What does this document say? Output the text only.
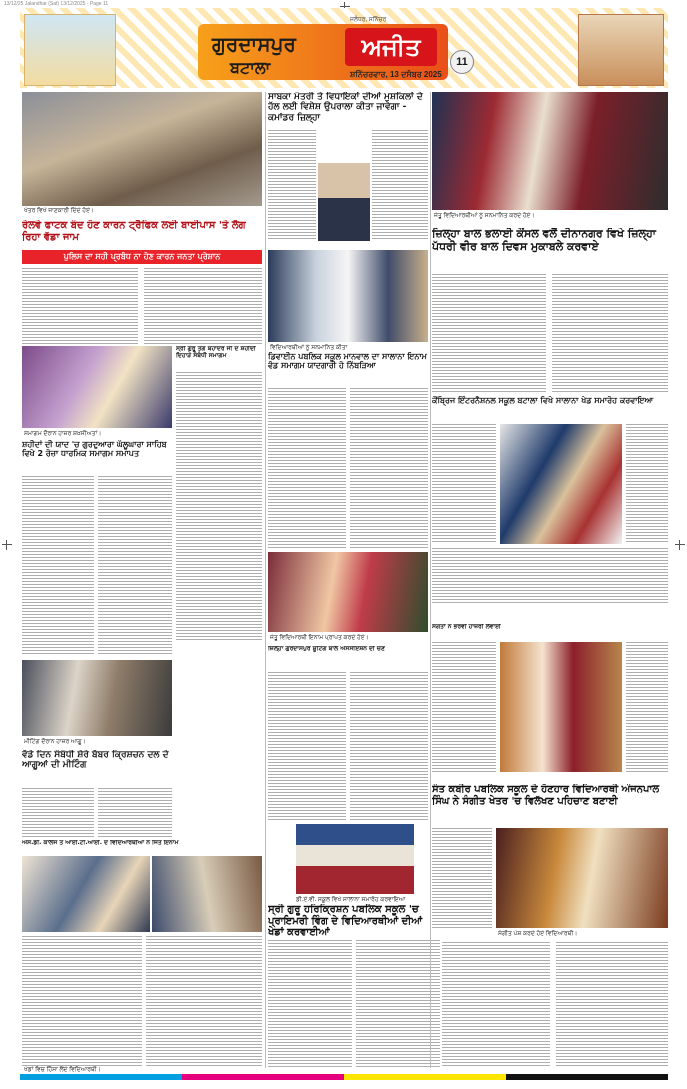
13/12/25 Jalandhar (Sat) 13/12/2025 - Page 11
ਗੁਰਦਾਸਪੁਰ
ਬਟਾਲਾ
ਜਲੰਧਰ, ਸਨਿੱਚਰ
ਅਜੀਤ
ਸ਼ਨਿੱਚਰਵਾਰ, 13 ਦਸੰਬਰ 2025
11
ਖੇਤਰ ਵਿਖੇ ਜਾਣਕਾਰੀ ਦਿੰਦੇ ਹੋਏ।
ਸਾਬਕਾ ਮੰਤਰੀ ਤੇ ਵਿਧਾਇਕਾਂ ਦੀਆਂ ਮੁਸ਼ਕਿਲਾਂ ਦੇ ਹੱਲ ਲਈ ਵਿਸ਼ੇਸ਼ ਉਪਰਾਲਾ ਕੀਤਾ ਜਾਵੇਗਾ - ਕਮਾਂਡਰ ਜ਼ਿਲ੍ਹਾ
ਰੇਲਵੇ ਫਾਟਕ ਬੰਦ ਹੋਣ ਕਾਰਨ ਟ੍ਰੈਫਿਕ ਲਈ ਬਾਈਪਾਸ 'ਤੇ ਲੱਗ ਰਿਹਾ ਵੱਡਾ ਜਾਮ
ਪੁਲਿਸ ਦਾ ਸਹੀ ਪ੍ਰਬੰਧ ਨਾ ਹੋਣ ਕਾਰਨ ਜਨਤਾ ਪ੍ਰੇਸ਼ਾਨ
ਸਮਾਗਮ ਦੌਰਾਨ ਹਾਜ਼ਰ ਸ਼ਖ਼ਸੀਅਤਾਂ।
ਸ੍ਰੀ ਗੁਰੂ ਤੇਗ ਬਹਾਦਰ ਜੀ ਦੇ ਸ਼ਹੀਦੀ ਦਿਹਾੜੇ ਸੰਬੰਧੀ ਸਮਾਗਮ
ਸ਼ਹੀਦਾਂ ਦੀ ਯਾਦ 'ਚ ਗੁਰਦੁਆਰਾ ਘੱਲੂਘਾਰਾ ਸਾਹਿਬ ਵਿਖੇ 2 ਰੋਜ਼ਾ ਧਾਰਮਿਕ ਸਮਾਗਮ ਸਮਾਪਤ
ਮੀਟਿੰਗ ਦੌਰਾਨ ਹਾਜ਼ਰ ਆਗੂ।
ਵੱਡੇ ਦਿਨ ਸੰਬੰਧੀ ਸ਼ੇਰੇ ਬੱਬਰ ਕ੍ਰਿਸ਼ਚਨ ਦਲ ਦੇ ਆਗੂਆਂ ਦੀ ਮੀਟਿੰਗ
ਐਸ.ਡੀ. ਕਾਲਜ ਤੇ ਆਈ.ਟੀ.ਆਈ. ਦੇ ਵਿਦਿਆਰਥੀਆਂ ਨੇ ਜਿੱਤੇ ਇਨਾਮ
ਵਿਦਿਆਰਥੀਆਂ ਨੂੰ ਸਨਮਾਨਿਤ ਕੀਤਾ
ਡਿਵਾਈਨ ਪਬਲਿਕ ਸਕੂਲ ਮਾਨਵਾਲ ਦਾ ਸਾਲਾਨਾ ਇਨਾਮ ਵੰਡ ਸਮਾਗਮ ਯਾਦਗਾਰੀ ਹੋ ਨਿੱਬੜਿਆ
ਜੇਤੂ ਵਿਦਿਆਰਥੀ ਇਨਾਮ ਪ੍ਰਾਪਤ ਕਰਦੇ ਹੋਏ।
ਜ਼ਿਲ੍ਹਾ ਗੁਰਦਾਸਪੁਰ ਸ਼ੂਟਿੰਗ ਬਾਲ ਐਸੋਸੀਏਸ਼ਨ ਦੀ ਚੋਣ
ਡੀ.ਏ.ਵੀ. ਸਕੂਲ ਵਿਖੇ ਸਾਲਾਨਾ ਸਮਾਰੋਹ ਕਰਵਾਇਆ
ਸ੍ਰੀ ਗੁਰੂ ਹਰਿਕ੍ਰਿਸ਼ਨ ਪਬਲਿਕ ਸਕੂਲ 'ਚ ਪ੍ਰਾਇਮਰੀ ਵਿੰਗ ਦੇ ਵਿਦਿਆਰਥੀਆਂ ਦੀਆਂ ਖੇਡਾਂ ਕਰਵਾਈਆਂ
ਜੇਤੂ ਵਿਦਿਆਰਥੀਆਂ ਨੂੰ ਸਨਮਾਨਿਤ ਕਰਦੇ ਹੋਏ।
ਜ਼ਿਲ੍ਹਾ ਬਾਲ ਭਲਾਈ ਕੌਂਸਲ ਵਲੋਂ ਦੀਨਾਨਗਰ ਵਿਖੇ ਜ਼ਿਲ੍ਹਾ ਪੱਧਰੀ ਵੀਰ ਬਾਲ ਦਿਵਸ ਮੁਕਾਬਲੇ ਕਰਵਾਏ
ਕੌਂਬ੍ਰਿਜ ਇੰਟਰਨੈਸ਼ਨਲ ਸਕੂਲ ਬਟਾਲਾ ਵਿਖੇ ਸਾਲਾਨਾ ਖੇਡ ਸਮਾਰੋਹ ਕਰਵਾਇਆ
ਸੰਗਤਾਂ ਨੇ ਭਰਵੀਂ ਹਾਜ਼ਰੀ ਲਵਾਈ
ਸੰਤ ਕਬੀਰ ਪਬਲਿਕ ਸਕੂਲ ਦੇ ਹੋਣਹਾਰ ਵਿਦਿਆਰਥੀ ਅੰਜਨਪਾਲ ਸਿੰਘ ਨੇ ਸੰਗੀਤ ਖੇਤਰ 'ਚ ਵਿਲੱਖਣ ਪਹਿਚਾਣ ਬਣਾਈ
ਸੰਗੀਤ ਪੇਸ਼ ਕਰਦੇ ਹੋਏ ਵਿਦਿਆਰਥੀ।
ਖੇਡਾਂ ਵਿਚ ਹਿੱਸਾ ਲੈਂਦੇ ਵਿਦਿਆਰਥੀ।
